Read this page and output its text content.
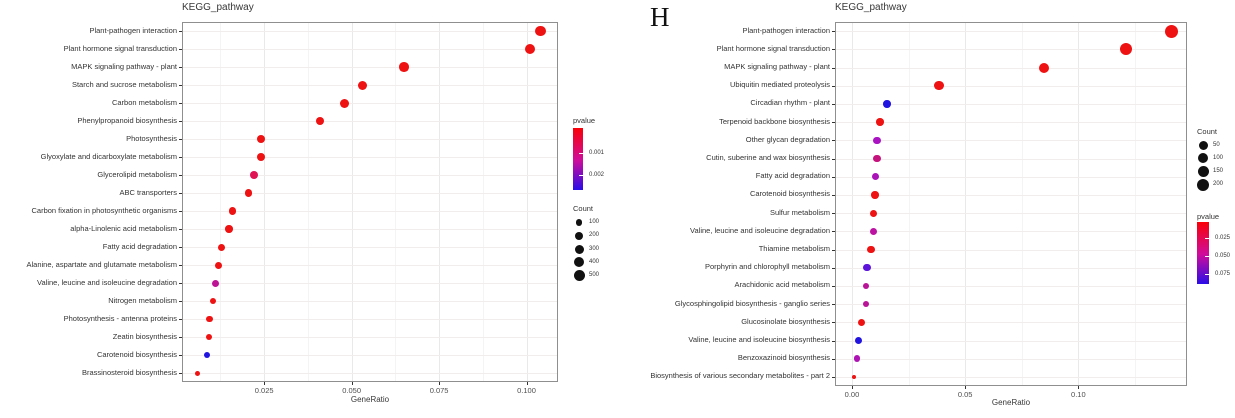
H
KEGG_pathway
Plant-pathogen interaction
Plant hormone signal transduction
MAPK signaling pathway - plant
Starch and sucrose metabolism
Carbon metabolism
Phenylpropanoid biosynthesis
Photosynthesis
Glyoxylate and dicarboxylate metabolism
Glycerolipid metabolism
ABC transporters
Carbon fixation in photosynthetic organisms
alpha-Linolenic acid metabolism
Fatty acid degradation
Alanine, aspartate and glutamate metabolism
Valine, leucine and isoleucine degradation
Nitrogen metabolism
Photosynthesis - antenna proteins
Zeatin biosynthesis
Carotenoid biosynthesis
Brassinosteroid biosynthesis
0.025	0.050	0.075	0.100
GeneRatio
pvalue
0.001
0.002
Count
100
200
300
400
500
KEGG_pathway
Plant-pathogen interaction
Plant hormone signal transduction
MAPK signaling pathway - plant
Ubiquitin mediated proteolysis
Circadian rhythm - plant
Terpenoid backbone biosynthesis
Other glycan degradation
Cutin, suberine and wax biosynthesis
Fatty acid degradation
Carotenoid biosynthesis
Sulfur metabolism
Valine, leucine and isoleucine degradation
Thiamine metabolism
Porphyrin and chlorophyll metabolism
Arachidonic acid metabolism
Glycosphingolipid biosynthesis - ganglio series
Glucosinolate biosynthesis
Valine, leucine and isoleucine biosynthesis
Benzoxazinoid biosynthesis
Biosynthesis of various secondary metabolites - part 2
0.00	0.05	0.10
GeneRatio
Count
50
100
150
200
pvalue
0.025
0.050
0.075
